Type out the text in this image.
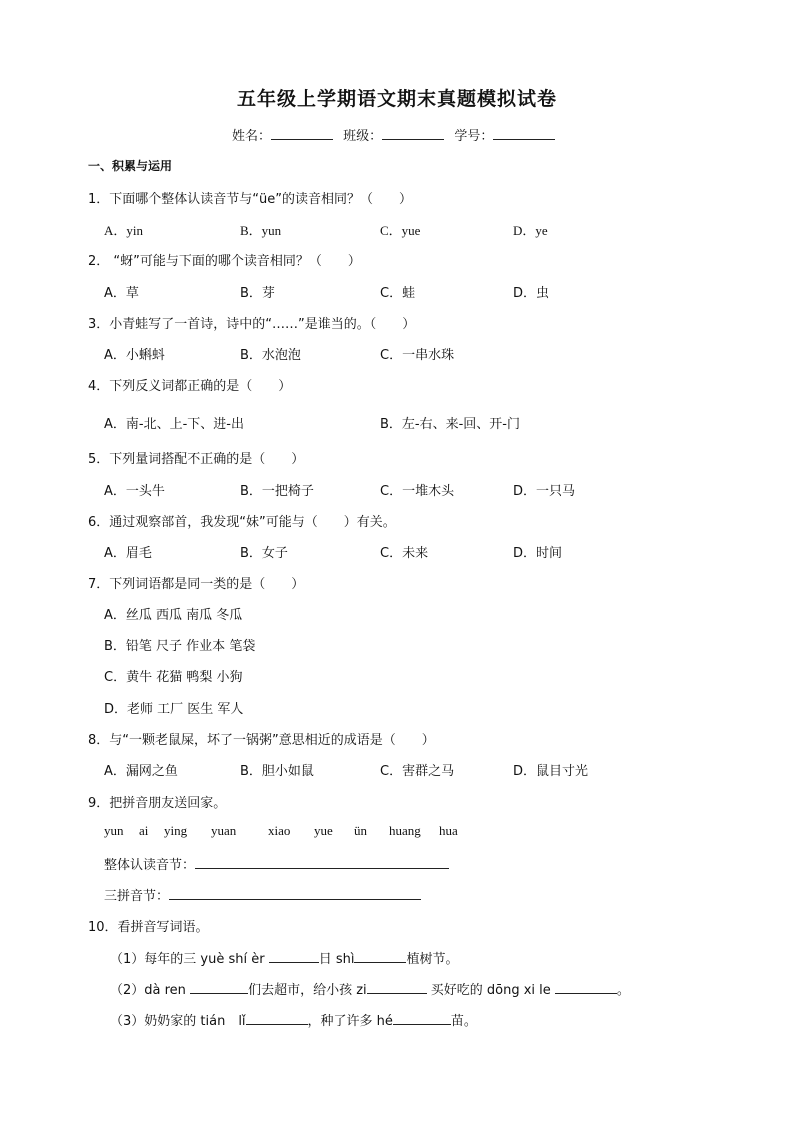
五年级上学期语文期末真题模拟试卷
姓名：	班级：	学号：
一、积累与运用
1．下面哪个整体认读音节与“üe”的读音相同？（　　）
A．yin	B．yun	C．yue	D．ye
2． “蚜”可能与下面的哪个读音相同？（　　）
A．草	B．芽	C．蛙	D．虫
3．小青蛙写了一首诗，诗中的“……”是谁当的。（　　）
A．小蝌蚪	B．水泡泡	C．一串水珠
4．下列反义词都正确的是（　　）
A．南-北、上-下、进-出	B．左-右、来-回、开-门
5．下列量词搭配不正确的是（　　）
A．一头牛	B．一把椅子	C．一堆木头	D．一只马
6．通过观察部首，我发现“妹”可能与（　　）有关。
A．眉毛	B．女子	C．未来	D．时间
7．下列词语都是同一类的是（　　）
A．丝瓜 西瓜 南瓜 冬瓜
B．铅笔 尺子 作业本 笔袋
C．黄牛 花猫 鸭梨 小狗
D．老师 工厂 医生 军人
8．与“一颗老鼠屎，坏了一锅粥”意思相近的成语是（　　）
A．漏网之鱼	B．胆小如鼠	C．害群之马	D．鼠目寸光
9．把拼音朋友送回家。
yun ai ying yuan xiao yue ün huang hua
整体认读音节：
三拼音节：
10．看拼音写词语。
（1）每年的三 yuè shí èr	日 shì	植树节。
（2）dà ren	们去超市，给小孩 zi	买好吃的 dōng xi le	。
（3）奶奶家的 tián　lǐ	，种了许多 hé	苗。
